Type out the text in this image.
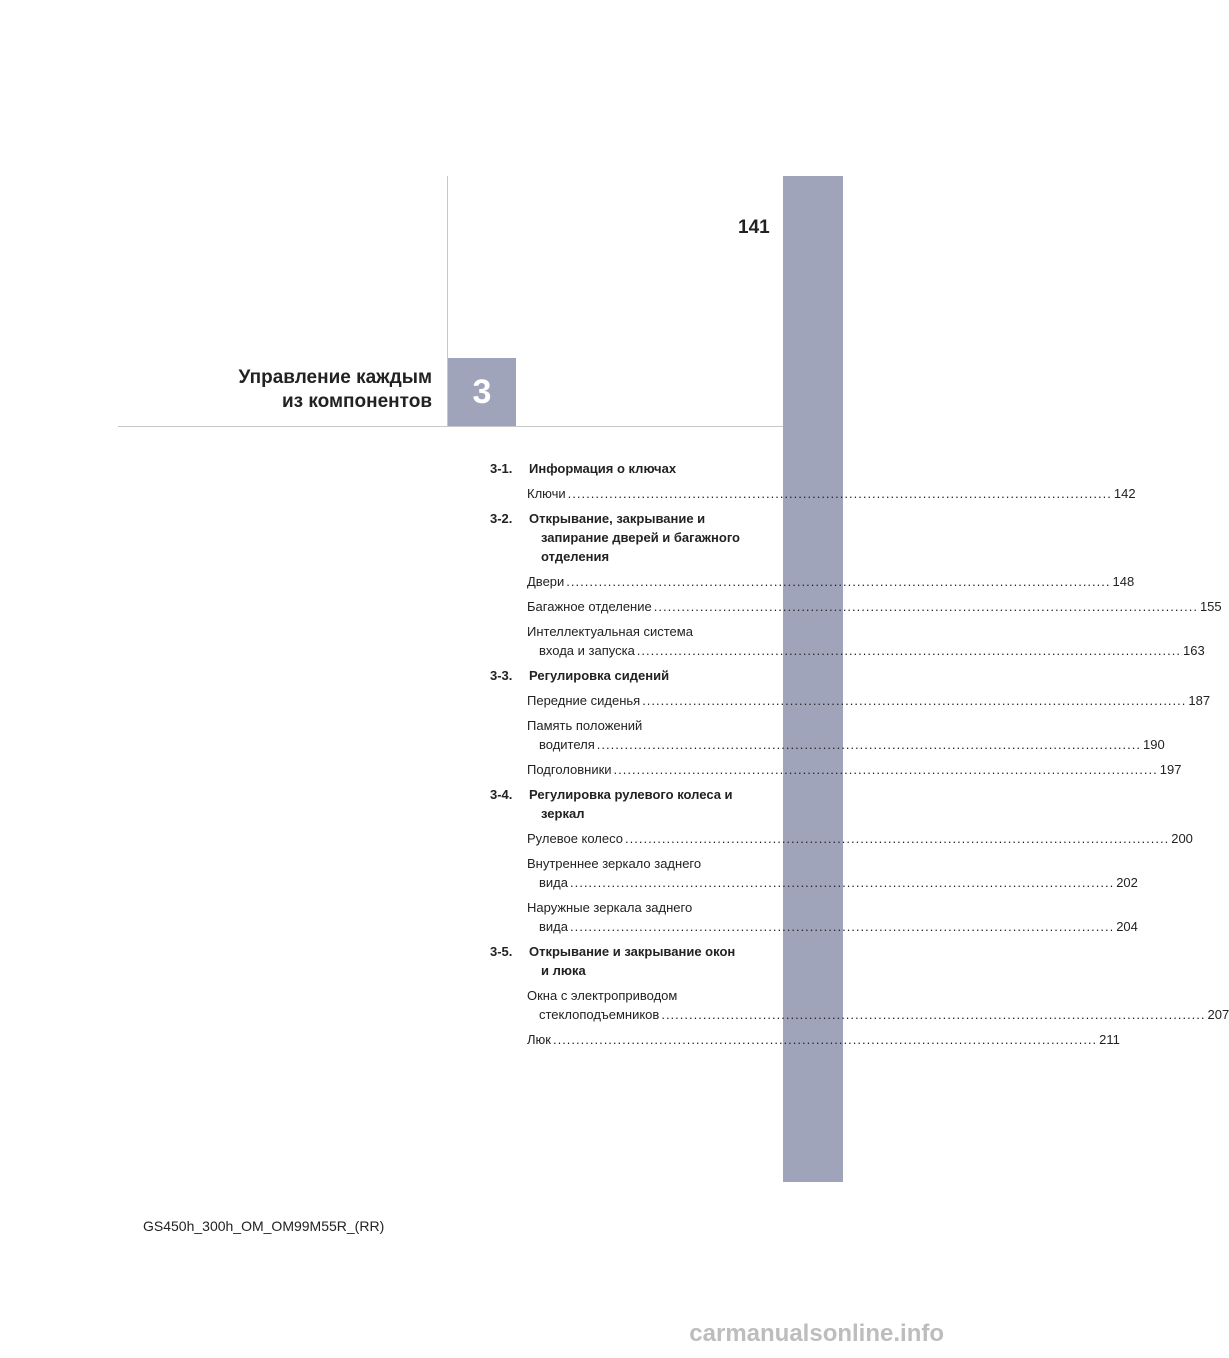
3
141
Управление каждым
из компонентов
3-1. Информация о ключах
Ключи .....	142
3-2. Открывание, закрывание и запирание дверей и багажного отделения
Двери .....	148
Багажное отделение .....	155
Интеллектуальная система
входа и запуска .....	163
3-3. Регулировка сидений
Передние сиденья .....	187
Память положений
водителя .....	190
Подголовники .....	197
3-4. Регулировка рулевого колеса и зеркал
Рулевое колесо .....	200
Внутреннее зеркало заднего
вида .....	202
Наружные зеркала заднего
вида .....	204
3-5. Открывание и закрывание окон и люка
Окна с электроприводом
стеклоподъемников .....	207
Люк .....	211
GS450h_300h_OM_OM99M55R_(RR)
carmanualsonline.info
